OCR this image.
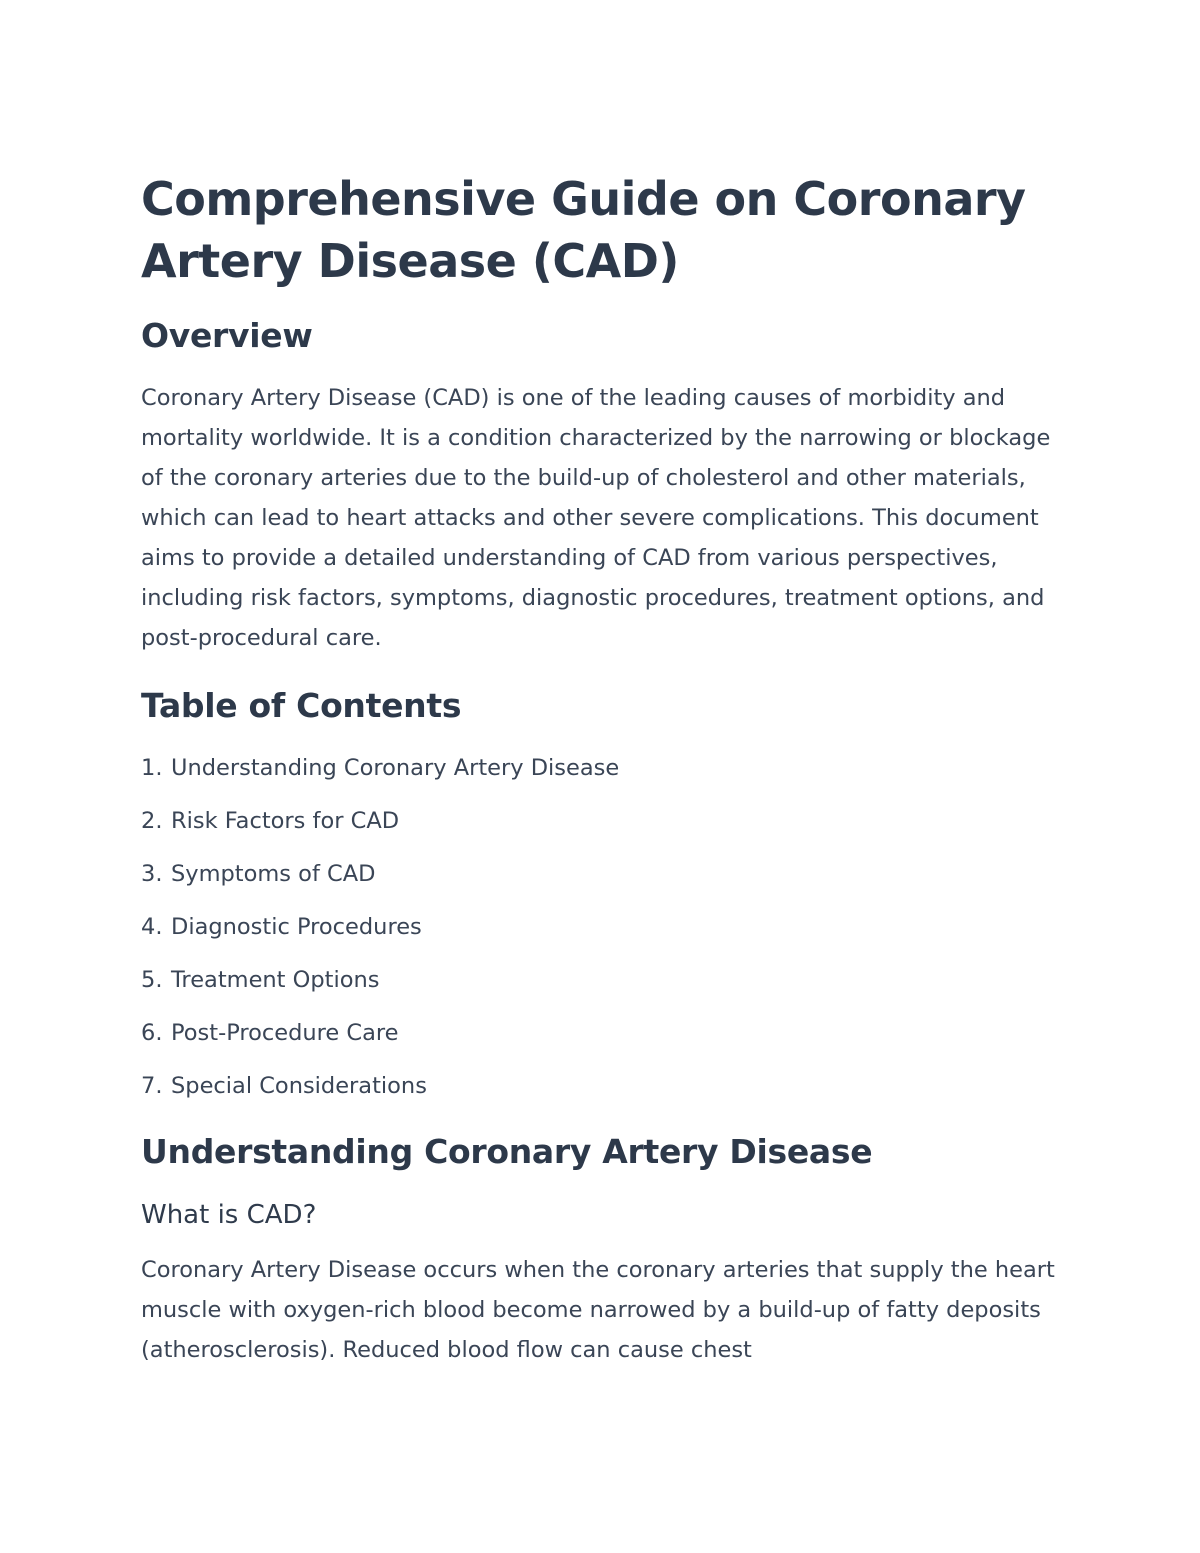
Comprehensive Guide on Coronary Artery Disease (CAD)
Overview

Coronary Artery Disease (CAD) is one of the leading causes of morbidity and mortality worldwide. It is a condition characterized by the narrowing or blockage of the coronary arteries due to the build-up of cholesterol and other materials, which can lead to heart attacks and other severe complications. This document aims to provide a detailed understanding of CAD from various perspectives, including risk factors, symptoms, diagnostic procedures, treatment options, and post-procedural care.

Table of Contents
1. Understanding Coronary Artery Disease
2. Risk Factors for CAD
3. Symptoms of CAD
4. Diagnostic Procedures
5. Treatment Options
6. Post-Procedure Care
7. Special Considerations
Understanding Coronary Artery Disease
What is CAD?

Coronary Artery Disease occurs when the coronary arteries that supply the heart muscle with oxygen-rich blood become narrowed by a build-up of fatty deposits (atherosclerosis). Reduced blood flow can cause chest
